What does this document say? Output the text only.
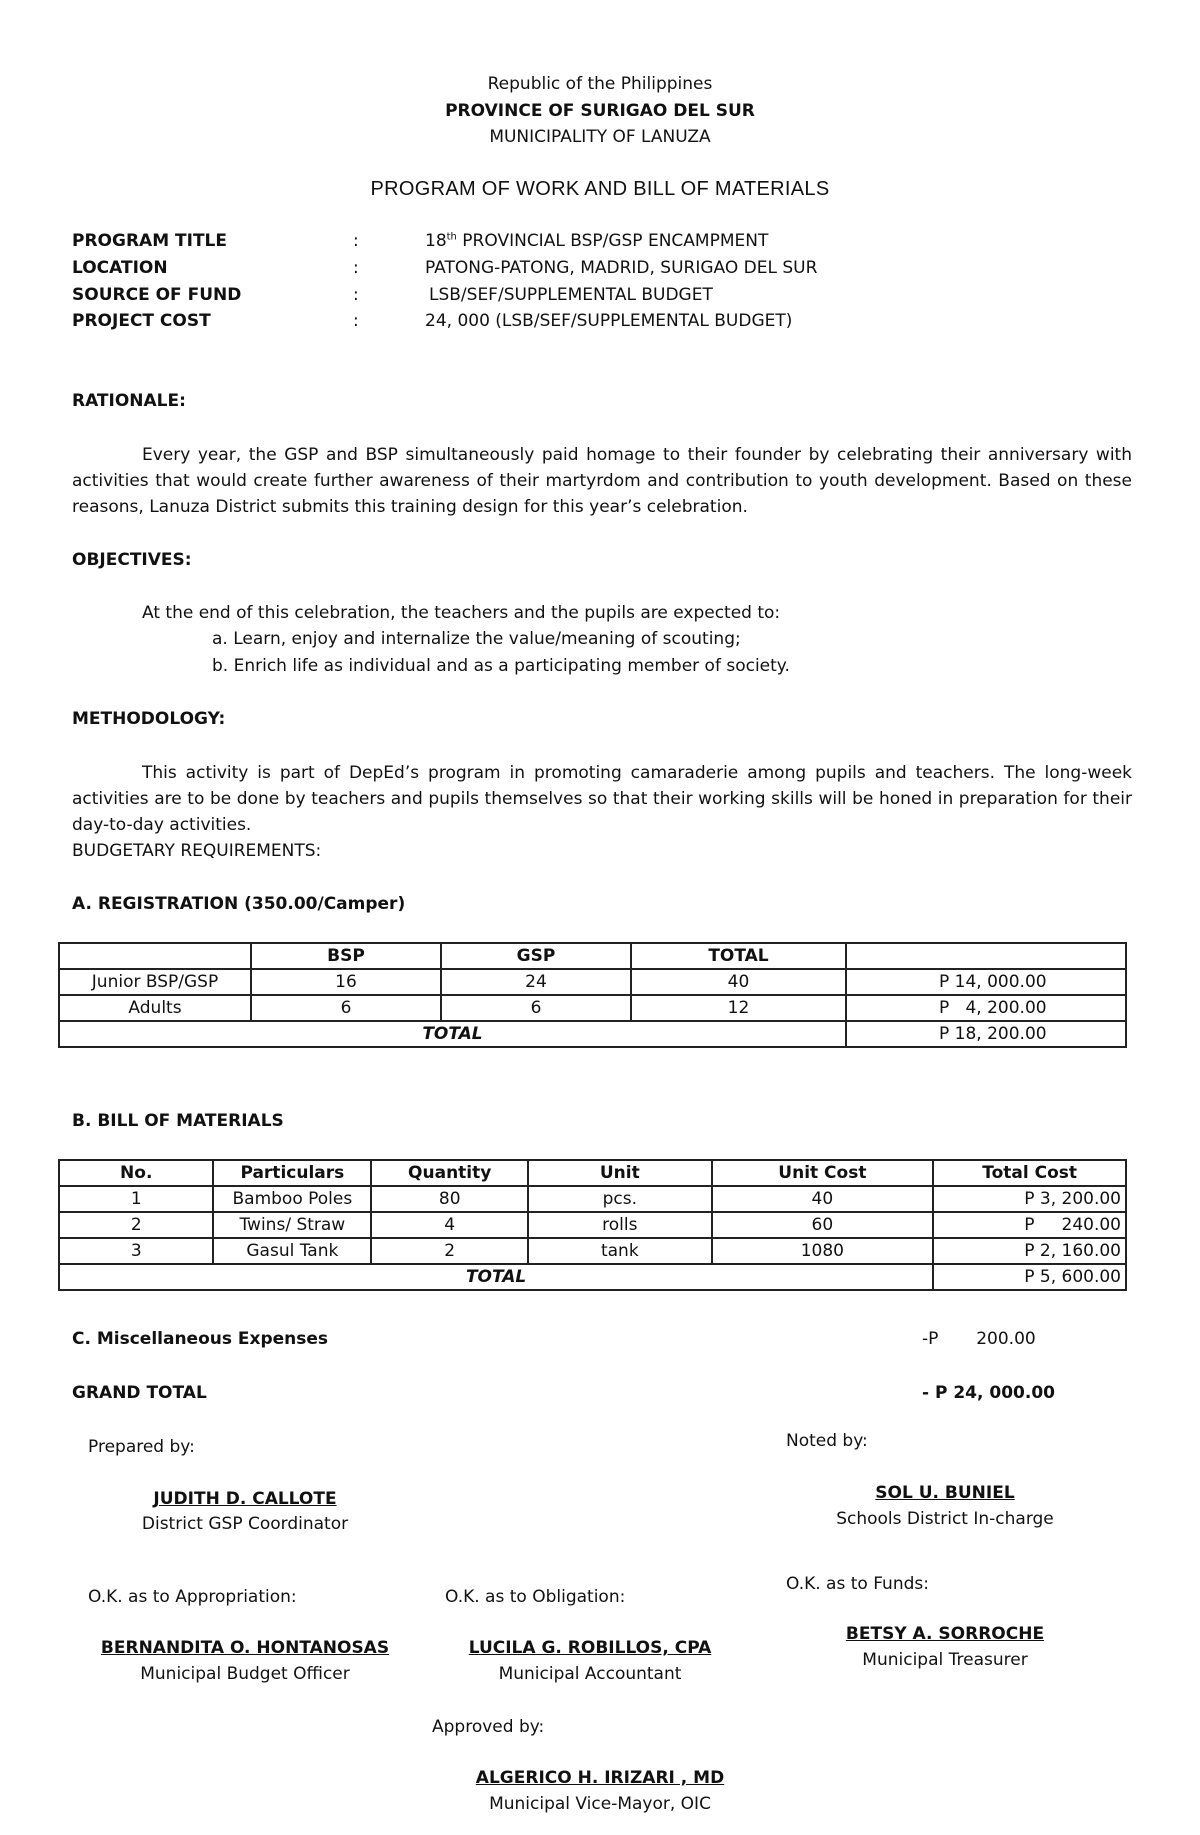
Republic of the Philippines
PROVINCE OF SURIGAO DEL SUR
MUNICIPALITY OF LANUZA
PROGRAM OF WORK AND BILL OF MATERIALS
PROGRAM TITLE	:	18th PROVINCIAL BSP/GSP ENCAMPMENT
LOCATION	:	PATONG-PATONG, MADRID, SURIGAO DEL SUR
SOURCE OF FUND	:	LSB/SEF/SUPPLEMENTAL BUDGET
PROJECT COST	:	24, 000 (LSB/SEF/SUPPLEMENTAL BUDGET)
RATIONALE:
Every year, the GSP and BSP simultaneously paid homage to their founder by celebrating their anniversary with activities that would create further awareness of their martyrdom and contribution to youth development. Based on these reasons, Lanuza District submits this training design for this year’s celebration.
OBJECTIVES:
At the end of this celebration, the teachers and the pupils are expected to:
a. Learn, enjoy and internalize the value/meaning of scouting;
b. Enrich life as individual and as a participating member of society.
METHODOLOGY:
This activity is part of DepEd’s program in promoting camaraderie among pupils and teachers. The long-week activities are to be done by teachers and pupils themselves so that their working skills will be honed in preparation for their day-to-day activities.
BUDGETARY REQUIREMENTS:
A. REGISTRATION (350.00/Camper)
	BSP	GSP	TOTAL	
Junior BSP/GSP	16	24	40	P 14, 000.00
Adults	6	6	12	P   4, 200.00
TOTAL				P 18, 200.00
B. BILL OF MATERIALS
No.	Particulars	Quantity	Unit	Unit Cost	Total Cost
1	Bamboo Poles	80	pcs.	40	P 3, 200.00
2	Twins/ Straw	4	rolls	60	P     240.00
3	Gasul Tank	2	tank	1080	P 2, 160.00
TOTAL					P 5, 600.00
C. Miscellaneous Expenses	-P       200.00
GRAND TOTAL	- P 24, 000.00
Prepared by:
JUDITH D. CALLOTE
District GSP Coordinator
Noted by:
SOL U. BUNIEL
Schools District In-charge
O.K. as to Appropriation:
BERNANDITA O. HONTANOSAS
Municipal Budget Officer
O.K. as to Obligation:
LUCILA G. ROBILLOS, CPA
Municipal Accountant
O.K. as to Funds:
BETSY A. SORROCHE
Municipal Treasurer
Approved by:
ALGERICO H. IRIZARI , MD
Municipal Vice-Mayor, OIC
